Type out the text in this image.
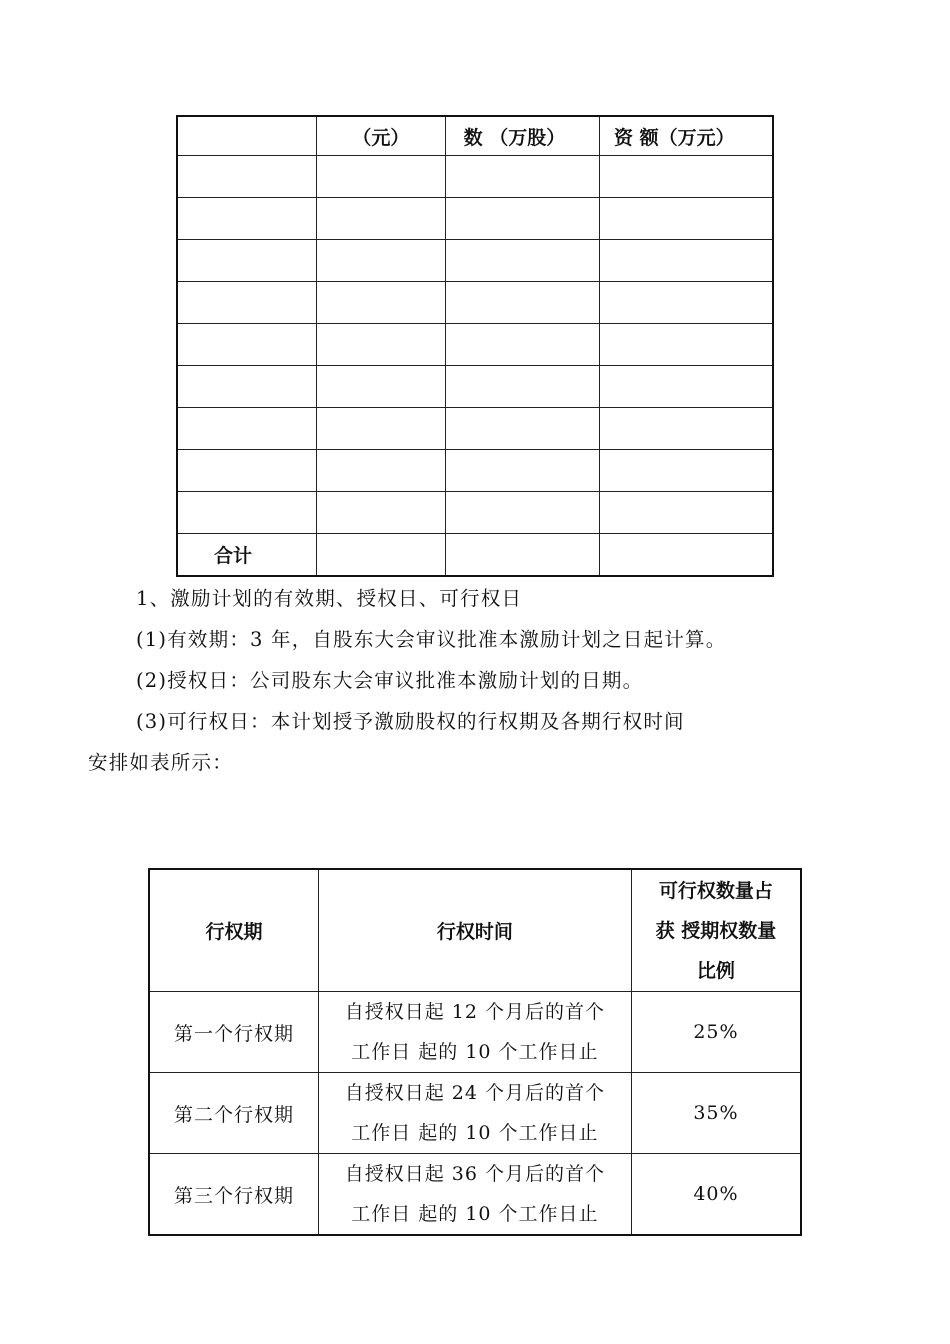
	（元）	数 （万股）	资 额（万元）

合计			
1、激励计划的有效期、授权日、可行权日
(1)有效期：3 年，自股东大会审议批准本激励计划之日起计算。
(2)授权日：公司股东大会审议批准本激励计划的日期。
(3)可行权日：本计划授予激励股权的行权期及各期行权时间
安排如表所示：
行权期	行权时间	可行权数量占
获 授期权数量
比例

第一个行权期	自授权日起 12 个月后的首个
工作日 起的 10 个工作日止	25%
第二个行权期	自授权日起 24 个月后的首个
工作日 起的 10 个工作日止	35%
第三个行权期	自授权日起 36 个月后的首个
工作日 起的 10 个工作日止	40%
